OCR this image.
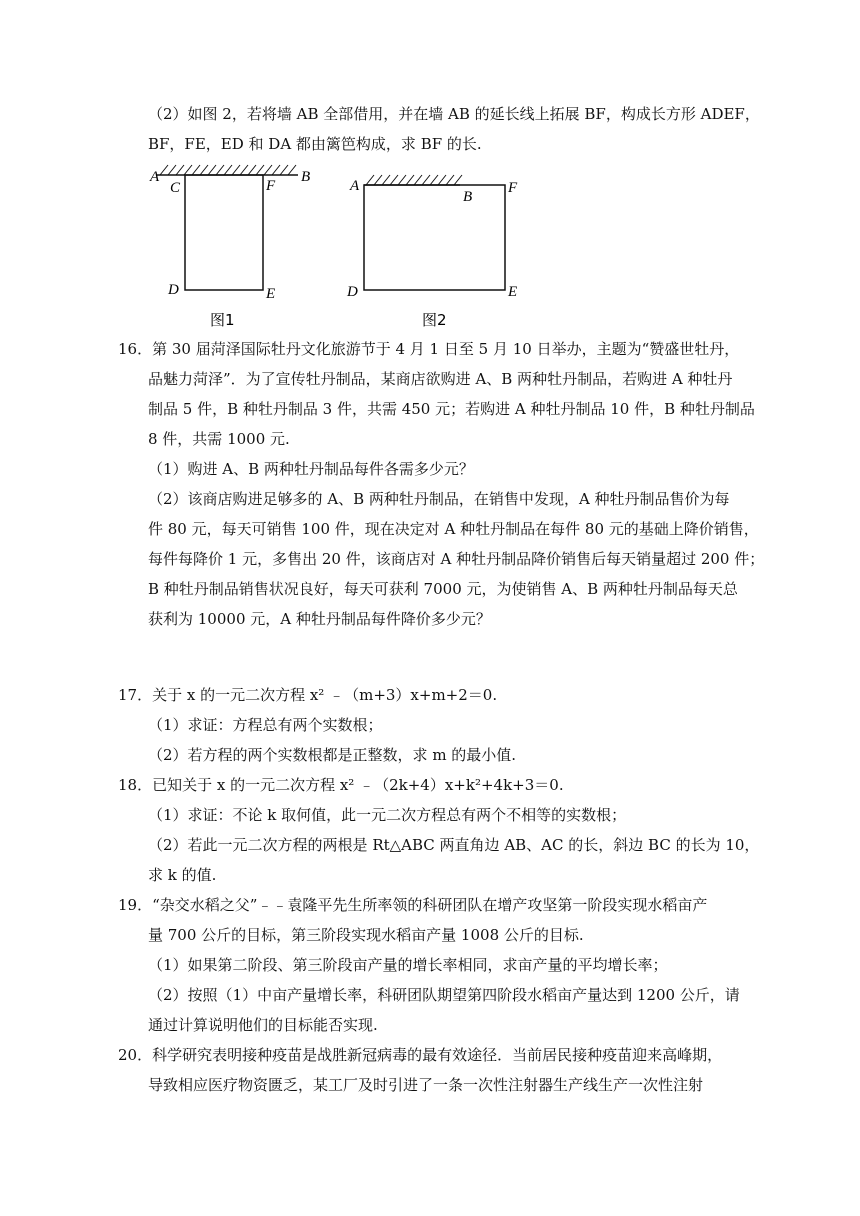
（2）如图 2，若将墙 AB 全部借用，并在墙 AB 的延长线上拓展 BF，构成长方形 ADEF，
BF，FE，ED 和 DA 都由篱笆构成，求 BF 的长.
A
C	F
B
D	E
图1
A
B
F
D	E
图2
16．第 30 届菏泽国际牡丹文化旅游节于 4 月 1 日至 5 月 10 日举办，主题为“赞盛世牡丹，
品魅力菏泽”．为了宣传牡丹制品，某商店欲购进 A、B 两种牡丹制品，若购进 A 种牡丹
制品 5 件，B 种牡丹制品 3 件，共需 450 元；若购进 A 种牡丹制品 10 件，B 种牡丹制品
8 件，共需 1000 元.
（1）购进 A、B 两种牡丹制品每件各需多少元？
（2）该商店购进足够多的 A、B 两种牡丹制品，在销售中发现，A 种牡丹制品售价为每
件 80 元，每天可销售 100 件，现在决定对 A 种牡丹制品在每件 80 元的基础上降价销售，
每件每降价 1 元，多售出 20 件，该商店对 A 种牡丹制品降价销售后每天销量超过 200 件；
B 种牡丹制品销售状况良好，每天可获利 7000 元，为使销售 A、B 两种牡丹制品每天总
获利为 10000 元，A 种牡丹制品每件降价多少元？
17．关于 x 的一元二次方程 x² ﹣（m+3）x+m+2＝0.
（1）求证：方程总有两个实数根；
（2）若方程的两个实数根都是正整数，求 m 的最小值.
18．已知关于 x 的一元二次方程 x² ﹣（2k+4）x+k²+4k+3＝0.
（1）求证：不论 k 取何值，此一元二次方程总有两个不相等的实数根；
（2）若此一元二次方程的两根是 Rt△ABC 两直角边 AB、AC 的长，斜边 BC 的长为 10，
求 k 的值.
19．“杂交水稻之父”﹣﹣袁隆平先生所率领的科研团队在增产攻坚第一阶段实现水稻亩产
量 700 公斤的目标，第三阶段实现水稻亩产量 1008 公斤的目标.
（1）如果第二阶段、第三阶段亩产量的增长率相同，求亩产量的平均增长率；
（2）按照（1）中亩产量增长率，科研团队期望第四阶段水稻亩产量达到 1200 公斤，请
通过计算说明他们的目标能否实现.
20．科学研究表明接种疫苗是战胜新冠病毒的最有效途径．当前居民接种疫苗迎来高峰期，
导致相应医疗物资匮乏，某工厂及时引进了一条一次性注射器生产线生产一次性注射
